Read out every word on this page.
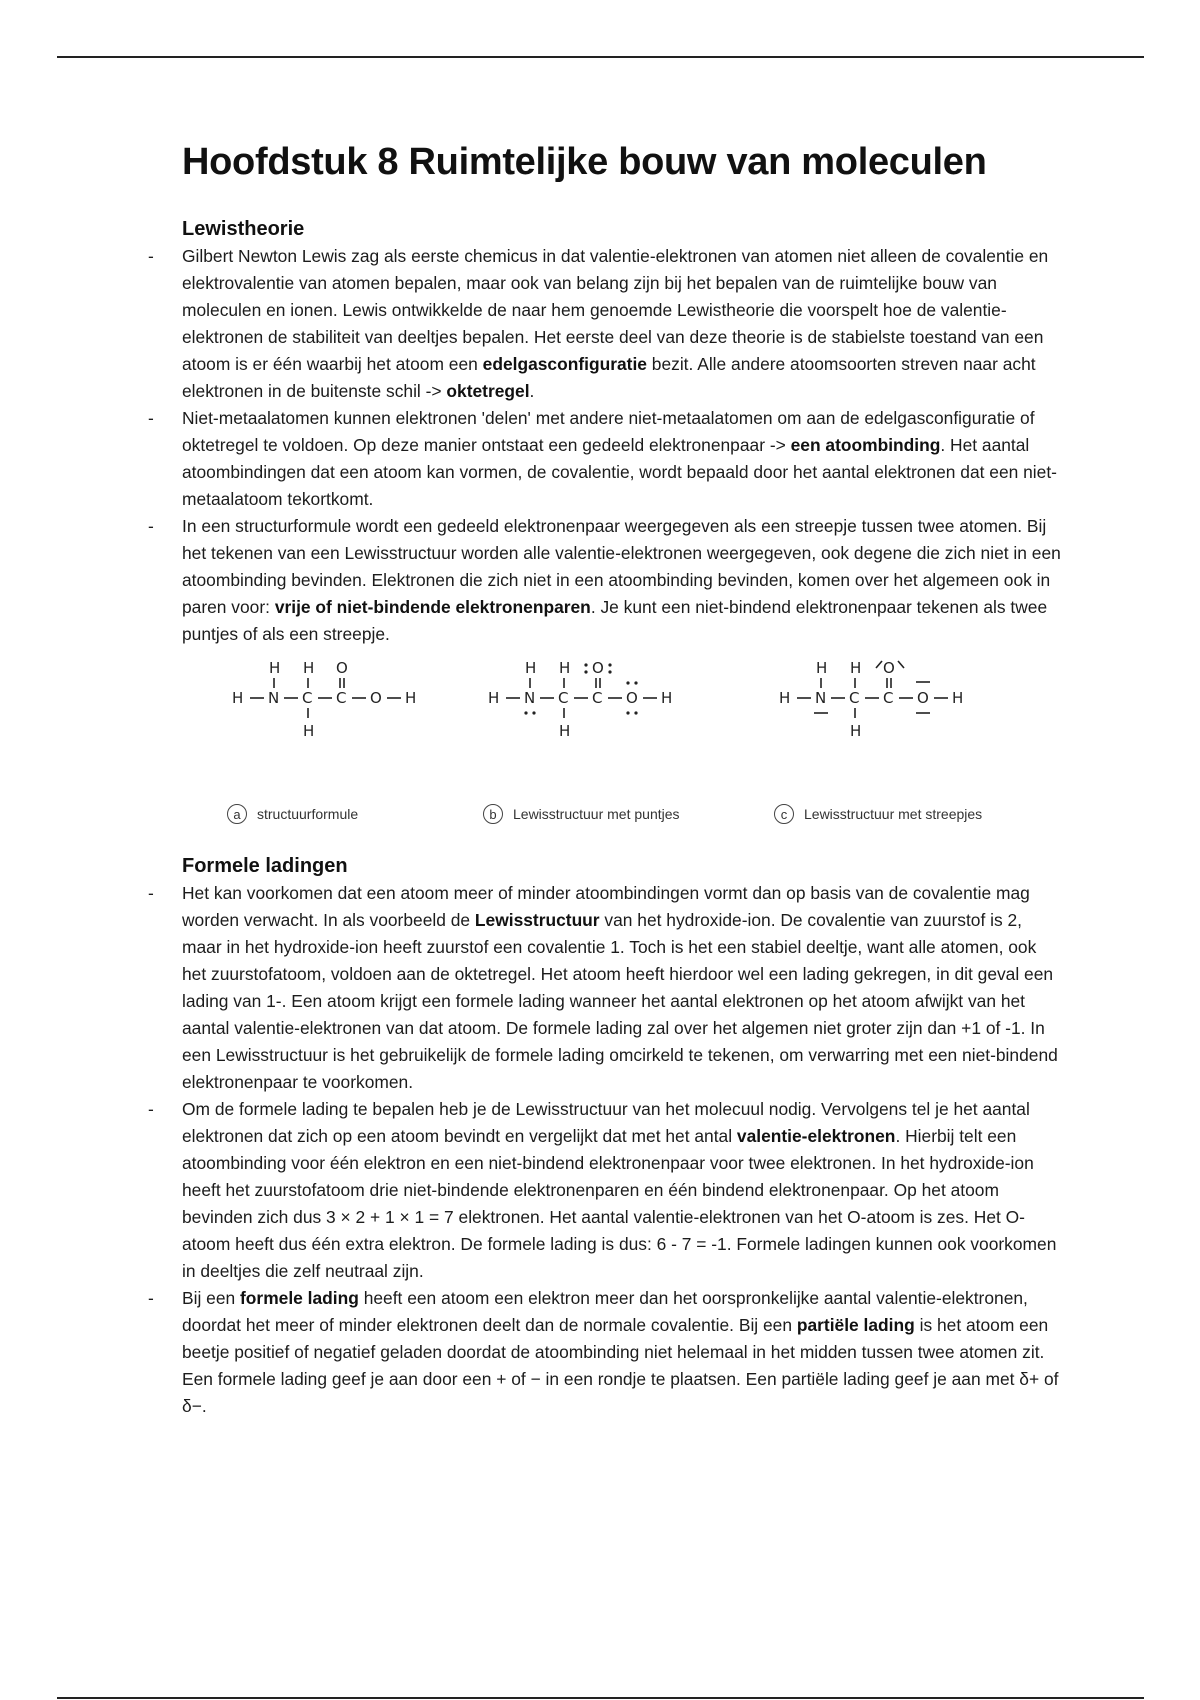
Hoofdstuk 8 Ruimtelijke bouw van moleculen
Lewistheorie

- Gilbert Newton Lewis zag als eerste chemicus in dat valentie-elektronen van atomen niet alleen de covalentie en elektrovalentie van atomen bepalen, maar ook van belang zijn bij het bepalen van de ruimtelijke bouw van moleculen en ionen. Lewis ontwikkelde de naar hem genoemde Lewistheorie die voorspelt hoe de valentie-elektronen de stabiliteit van deeltjes bepalen. Het eerste deel van deze theorie is de stabielste toestand van een atoom is er één waarbij het atoom een edelgasconfiguratie bezit. Alle andere atoomsoorten streven naar acht elektronen in de buitenste schil -> oktetregel.

- Niet-metaalatomen kunnen elektronen 'delen' met andere niet-metaalatomen om aan de edelgasconfiguratie of oktetregel te voldoen. Op deze manier ontstaat een gedeeld elektronenpaar -> een atoombinding. Het aantal atoombindingen dat een atoom kan vormen, de covalentie, wordt bepaald door het aantal elektronen dat een niet-metaalatoom tekortkomt.

- In een structurformule wordt een gedeeld elektronenpaar weergegeven als een streepje tussen twee atomen. Bij het tekenen van een Lewisstructuur worden alle valentie-elektronen weergegeven, ook degene die zich niet in een atoombinding bevinden. Elektronen die zich niet in een atoombinding bevinden, komen over het algemeen ook in paren voor: vrije of niet-bindende elektronenparen. Je kunt een niet-bindend elektronenpaar tekenen als twee puntjes of als een streepje.

H N C C O H
H H O
H
H N C C O H
H H O
H
H N C C O H
H H O
H
a	structuurformule	b	Lewisstructuur met puntjes	c	Lewisstructuur met streepjes
Formele ladingen

- Het kan voorkomen dat een atoom meer of minder atoombindingen vormt dan op basis van de covalentie mag worden verwacht. In als voorbeeld de Lewisstructuur van het hydroxide-ion. De covalentie van zuurstof is 2, maar in het hydroxide-ion heeft zuurstof een covalentie 1. Toch is het een stabiel deeltje, want alle atomen, ook het zuurstofatoom, voldoen aan de oktetregel. Het atoom heeft hierdoor wel een lading gekregen, in dit geval een lading van 1-. Een atoom krijgt een formele lading wanneer het aantal elektronen op het atoom afwijkt van het aantal valentie-elektronen van dat atoom. De formele lading zal over het algemen niet groter zijn dan +1 of -1. In een Lewisstructuur is het gebruikelijk de formele lading omcirkeld te tekenen, om verwarring met een niet-bindend elektronenpaar te voorkomen.

- Om de formele lading te bepalen heb je de Lewisstructuur van het molecuul nodig. Vervolgens tel je het aantal elektronen dat zich op een atoom bevindt en vergelijkt dat met het antal valentie-elektronen. Hierbij telt een atoombinding voor één elektron en een niet-bindend elektronenpaar voor twee elektronen. In het hydroxide-ion heeft het zuurstofatoom drie niet-bindende elektronenparen en één bindend elektronenpaar. Op het atoom bevinden zich dus 3 × 2 + 1 × 1 = 7 elektronen. Het aantal valentie-elektronen van het O-atoom is zes. Het O-atoom heeft dus één extra elektron. De formele lading is dus: 6 - 7 = -1. Formele ladingen kunnen ook voorkomen in deeltjes die zelf neutraal zijn.

- Bij een formele lading heeft een atoom een elektron meer dan het oorspronkelijke aantal valentie-elektronen, doordat het meer of minder elektronen deelt dan de normale covalentie. Bij een partiële lading is het atoom een beetje positief of negatief geladen doordat de atoombinding niet helemaal in het midden tussen twee atomen zit. Een formele lading geef je aan door een + of − in een rondje te plaatsen. Een partiële lading geef je aan met δ+ of δ−.
